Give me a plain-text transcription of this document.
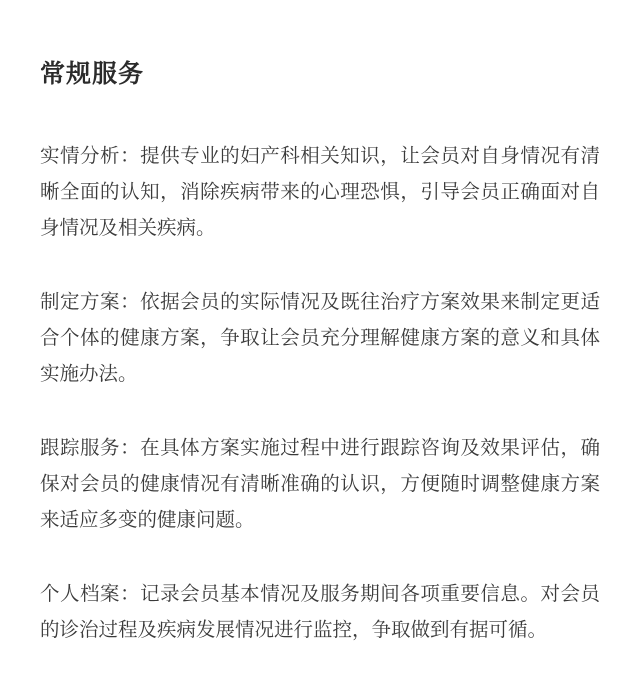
常规服务

实情分析：提供专业的妇产科相关知识，让会员对自身情况有清晰全面的认知，消除疾病带来的心理恐惧，引导会员正确面对自身情况及相关疾病。

制定方案：依据会员的实际情况及既往治疗方案效果来制定更适合个体的健康方案，争取让会员充分理解健康方案的意义和具体实施办法。

跟踪服务：在具体方案实施过程中进行跟踪咨询及效果评估，确保对会员的健康情况有清晰准确的认识，方便随时调整健康方案来适应多变的健康问题。

个人档案：记录会员基本情况及服务期间各项重要信息。对会员的诊治过程及疾病发展情况进行监控，争取做到有据可循。
